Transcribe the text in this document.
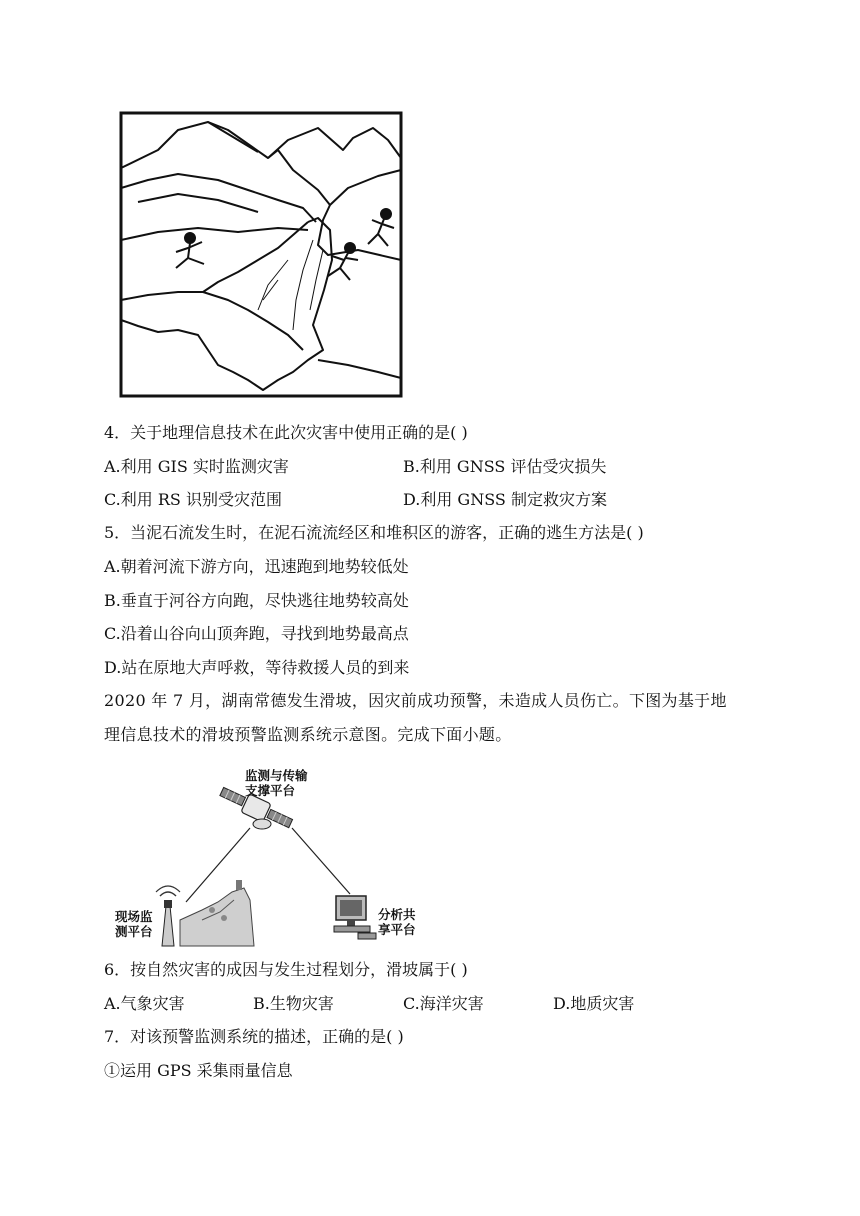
4．关于地理信息技术在此次灾害中使用正确的是( )
A.利用 GIS 实时监测灾害	B.利用 GNSS 评估受灾损失
C.利用 RS 识别受灾范围	D.利用 GNSS 制定救灾方案
5．当泥石流发生时，在泥石流流经区和堆积区的游客，正确的逃生方法是( )
A.朝着河流下游方向，迅速跑到地势较低处
B.垂直于河谷方向跑，尽快逃往地势较高处
C.沿着山谷向山顶奔跑，寻找到地势最高点
D.站在原地大声呼救，等待救援人员的到来
2020 年 7 月，湖南常德发生滑坡，因灾前成功预警，未造成人员伤亡。下图为基于地
理信息技术的滑坡预警监测系统示意图。完成下面小题。
监测与传输
支撑平台
现场监
测平台
分析共
享平台
6．按自然灾害的成因与发生过程划分，滑坡属于( )
A.气象灾害	B.生物灾害	C.海洋灾害	D.地质灾害
7．对该预警监测系统的描述，正确的是( )
①运用 GPS 采集雨量信息
